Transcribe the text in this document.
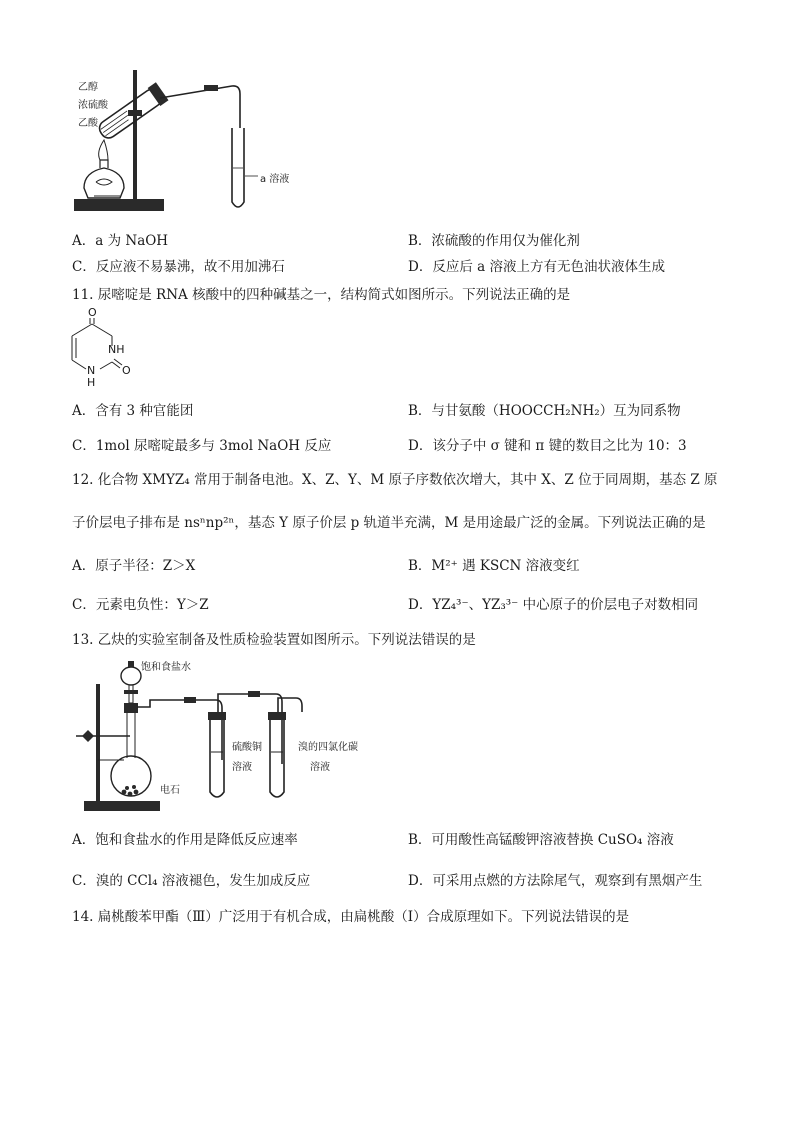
乙醇
浓硫酸
乙酸
a 溶液
A．a 为 NaOH	B．浓硫酸的作用仅为催化剂
C．反应液不易暴沸，故不用加沸石	D．反应后 a 溶液上方有无色油状液体生成
11. 尿嘧啶是 RNA 核酸中的四种碱基之一，结构简式如图所示。下列说法正确的是
O
NH
O
N
H
A．含有 3 种官能团	B．与甘氨酸（HOOCCH₂NH₂）互为同系物
C．1mol 尿嘧啶最多与 3mol NaOH 反应	D．该分子中 σ 键和 π 键的数目之比为 10：3
12. 化合物 XMYZ₄ 常用于制备电池。X、Z、Y、M 原子序数依次增大，其中 X、Z 位于同周期，基态 Z 原
子价层电子排布是 nsⁿnp²ⁿ，基态 Y 原子价层 p 轨道半充满，M 是用途最广泛的金属。下列说法正确的是
A．原子半径：Z＞X	B．M²⁺ 遇 KSCN 溶液变红
C．元素电负性：Y＞Z	D．YZ₄³⁻、YZ₃³⁻ 中心原子的价层电子对数相同
13. 乙炔的实验室制备及性质检验装置如图所示。下列说法错误的是
饱和食盐水
硫酸铜
溶液
溴的四氯化碳
溶液
电石
A．饱和食盐水的作用是降低反应速率	B．可用酸性高锰酸钾溶液替换 CuSO₄ 溶液
C．溴的 CCl₄ 溶液褪色，发生加成反应	D．可采用点燃的方法除尾气，观察到有黑烟产生
14. 扁桃酸苯甲酯（Ⅲ）广泛用于有机合成，由扁桃酸（Ⅰ）合成原理如下。下列说法错误的是
